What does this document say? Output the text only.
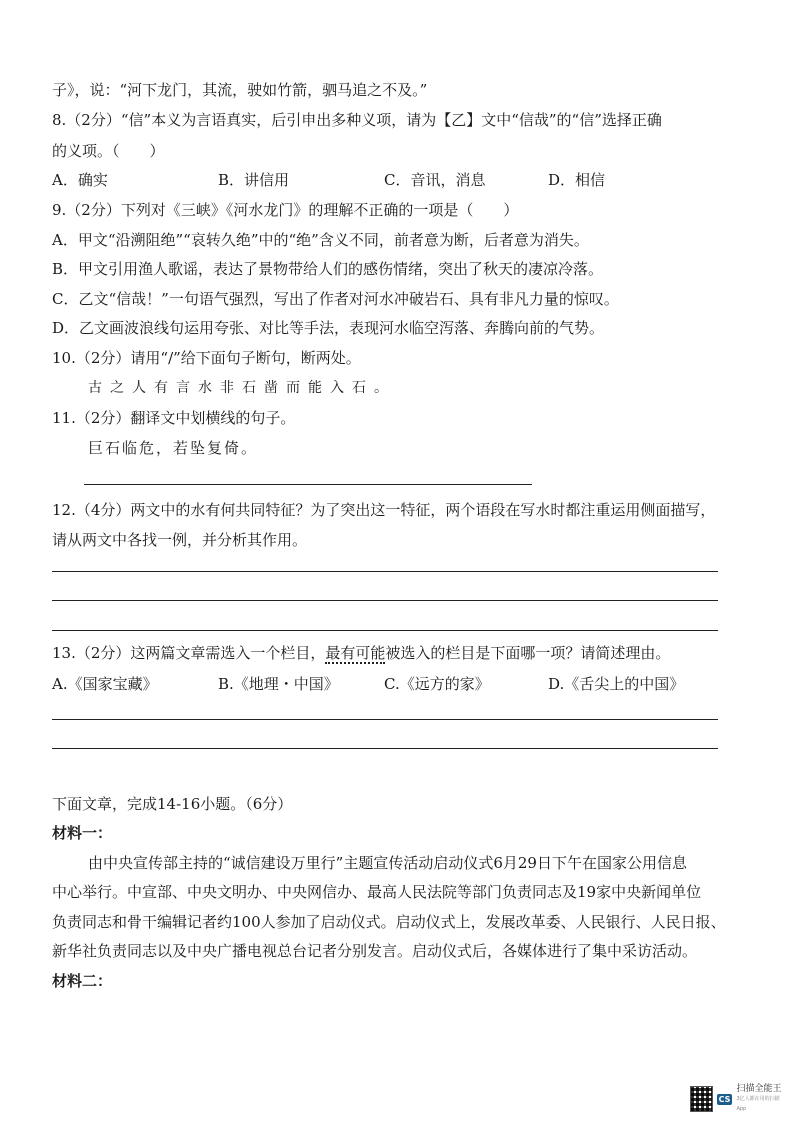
子》，说：“河下龙门，其流，驶如竹箭，驷马追之不及。”
8.（2分）“信”本义为言语真实，后引申出多种义项，请为【乙】文中“信哉”的“信”选择正确
的义项。（　　）
A．确实	B．讲信用	C．音讯，消息	D．相信
9.（2分）下列对《三峡》《河水龙门》的理解不正确的一项是（　　）
A．甲文“沿溯阻绝”“哀转久绝”中的“绝”含义不同，前者意为断，后者意为消失。
B．甲文引用渔人歌谣，表达了景物带给人们的感伤情绪，突出了秋天的凄凉冷落。
C．乙文“信哉！”一句语气强烈，写出了作者对河水冲破岩石、具有非凡力量的惊叹。
D．乙文画波浪线句运用夸张、对比等手法，表现河水临空泻落、奔腾向前的气势。
10.（2分）请用“/”给下面句子断句，断两处。
古之人有言水非石凿而能入石。
11.（2分）翻译文中划横线的句子。
巨石临危，若坠复倚。
12.（4分）两文中的水有何共同特征？为了突出这一特征，两个语段在写水时都注重运用侧面描写，
请从两文中各找一例，并分析其作用。
13.（2分）这两篇文章需选入一个栏目，最有可能被选入的栏目是下面哪一项？请简述理由。
A.《国家宝藏》	B.《地理・中国》	C.《远方的家》	D.《舌尖上的中国》
下面文章，完成14-16小题。（6分）
材料一：
由中央宣传部主持的“诚信建设万里行”主题宣传活动启动仪式6月29日下午在国家公用信息
中心举行。中宣部、中央文明办、中央网信办、最高人民法院等部门负责同志及19家中央新闻单位
负责同志和骨干编辑记者约100人参加了启动仪式。启动仪式上，发展改革委、人民银行、人民日报、
新华社负责同志以及中央广播电视总台记者分别发言。启动仪式后，各媒体进行了集中采访活动。
材料二：
CS
扫描全能王
3亿人都在用的扫描App
